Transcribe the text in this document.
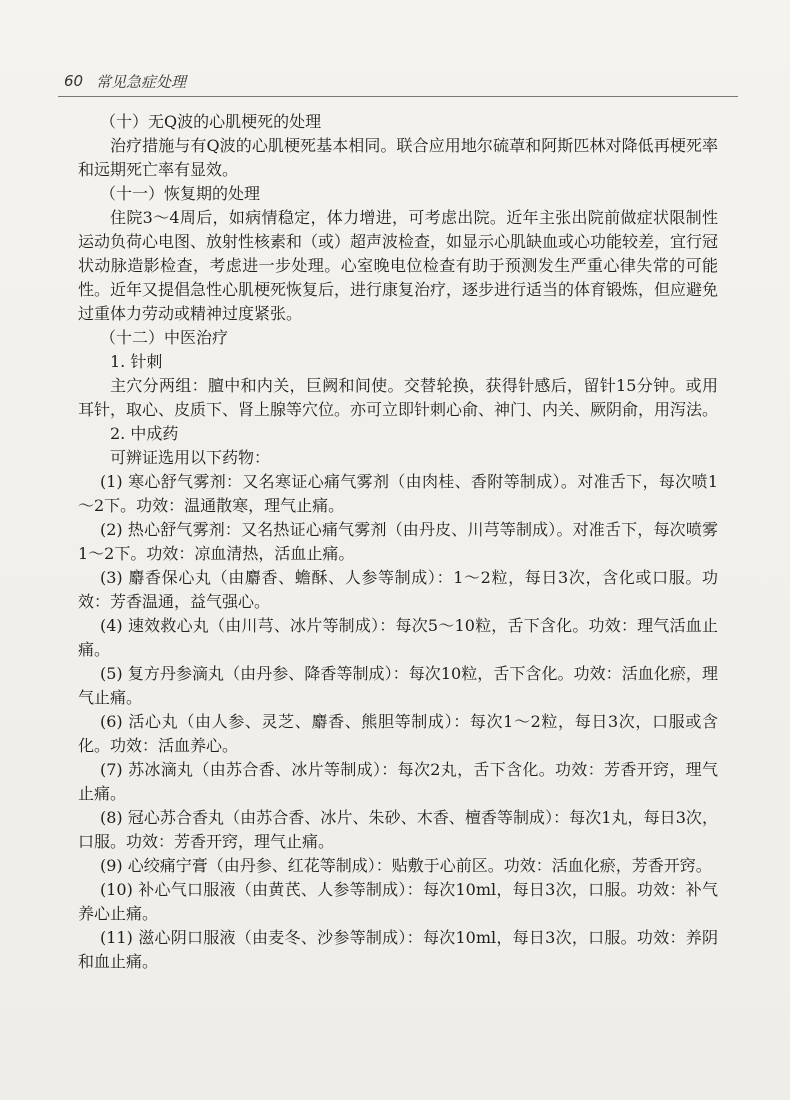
60 常见急症处理

（十）无Q波的心肌梗死的处理

治疗措施与有Q波的心肌梗死基本相同。联合应用地尔硫䓬和阿斯匹林对降低再梗死率和远期死亡率有显效。

（十一）恢复期的处理

住院3～4周后，如病情稳定，体力增进，可考虑出院。近年主张出院前做症状限制性运动负荷心电图、放射性核素和（或）超声波检查，如显示心肌缺血或心功能较差，宜行冠状动脉造影检查，考虑进一步处理。心室晚电位检查有助于预测发生严重心律失常的可能性。近年又提倡急性心肌梗死恢复后，进行康复治疗，逐步进行适当的体育锻炼，但应避免过重体力劳动或精神过度紧张。

（十二）中医治疗

1. 针刺

主穴分两组：膻中和内关，巨阙和间使。交替轮换，获得针感后，留针15分钟。或用耳针，取心、皮质下、肾上腺等穴位。亦可立即针刺心俞、神门、内关、厥阴俞，用泻法。

2. 中成药

可辨证选用以下药物：

(1) 寒心舒气雾剂：又名寒证心痛气雾剂（由肉桂、香附等制成）。对准舌下，每次喷1～2下。功效：温通散寒，理气止痛。

(2) 热心舒气雾剂：又名热证心痛气雾剂（由丹皮、川芎等制成）。对准舌下，每次喷雾1～2下。功效：凉血清热，活血止痛。

(3) 麝香保心丸（由麝香、蟾酥、人参等制成）：1～2粒，每日3次，含化或口服。功效：芳香温通，益气强心。

(4) 速效救心丸（由川芎、冰片等制成）：每次5～10粒，舌下含化。功效：理气活血止痛。

(5) 复方丹参滴丸（由丹参、降香等制成）：每次10粒，舌下含化。功效：活血化瘀，理气止痛。

(6) 活心丸（由人参、灵芝、麝香、熊胆等制成）：每次1～2粒，每日3次，口服或含化。功效：活血养心。

(7) 苏冰滴丸（由苏合香、冰片等制成）：每次2丸，舌下含化。功效：芳香开窍，理气止痛。

(8) 冠心苏合香丸（由苏合香、冰片、朱砂、木香、檀香等制成）：每次1丸，每日3次，口服。功效：芳香开窍，理气止痛。

(9) 心绞痛宁膏（由丹参、红花等制成）：贴敷于心前区。功效：活血化瘀，芳香开窍。

(10) 补心气口服液（由黄芪、人参等制成）：每次10ml，每日3次，口服。功效：补气养心止痛。

(11) 滋心阴口服液（由麦冬、沙参等制成）：每次10ml，每日3次，口服。功效：养阴和血止痛。
